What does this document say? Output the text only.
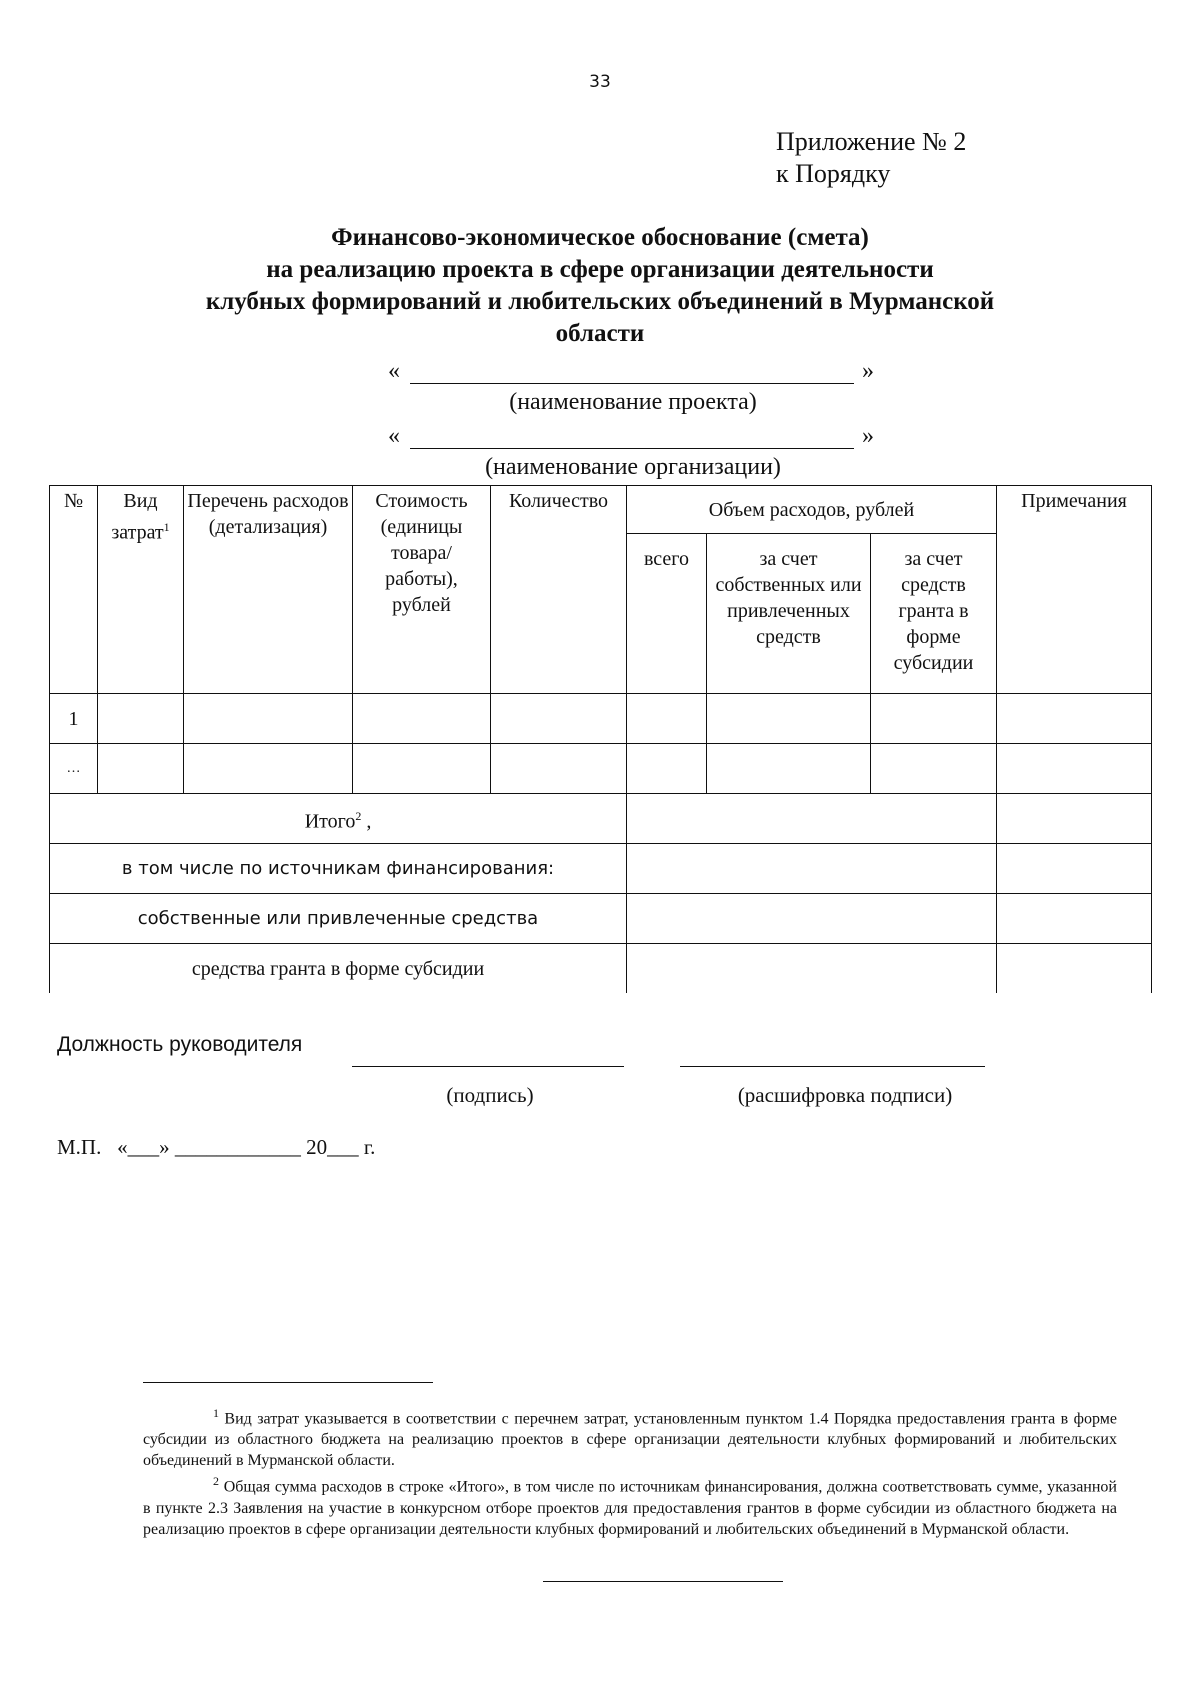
33
Приложение № 2
к Порядку
Финансово-экономическое обоснование (смета)
на реализацию проекта в сфере организации деятельности
клубных формирований и любительских объединений в Мурманской
области
«	»
(наименование проекта)
«	»
(наименование организации)
№	Вид затрат$^1$	Перечень расходов (детализация)	Стоимость (единицы товара/ работы), рублей	Количество	Объем расходов, рублей			Примечания
					всего	за счет собственных или привлеченных средств	за счет средств гранта в форме субсидии	
1								
…								
Итого$^2$ ,								
в том числе по источникам финансирования:								
собственные или привлеченные средства								
средства гранта в форме субсидии								
Должность руководителя
(подпись)	(расшифровка подписи)
М.П.   «___» ____________ 20___ г.

$^1$ Вид затрат указывается в соответствии с перечнем затрат, установленным пунктом 1.4 Порядка предоставления гранта в форме субсидии из областного бюджета на реализацию проектов в сфере организации деятельности клубных формирований и любительских объединений в Мурманской области.

$^2$ Общая сумма расходов в строке «Итого», в том числе по источникам финансирования, должна соответствовать сумме, указанной в пункте 2.3 Заявления на участие в конкурсном отборе проектов для предоставления грантов в форме субсидии из областного бюджета на реализацию проектов в сфере организации деятельности клубных формирований и любительских объединений в Мурманской области.
